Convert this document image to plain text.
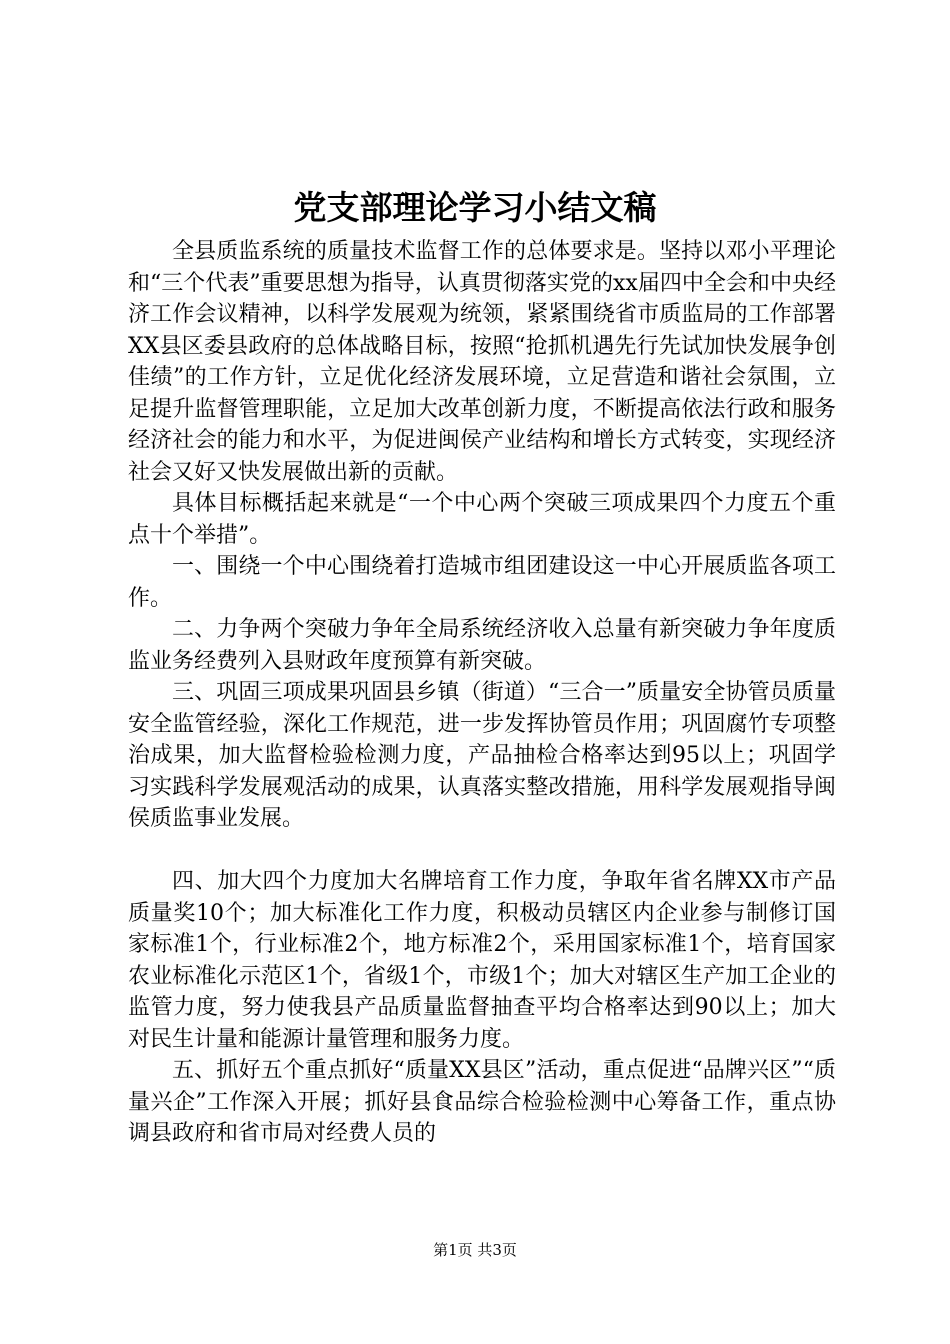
党支部理论学习小结文稿

全县质监系统的质量技术监督工作的总体要求是。坚持以邓小平理论和“三个代表”重要思想为指导，认真贯彻落实党的xx届四中全会和中央经济工作会议精神，以科学发展观为统领，紧紧围绕省市质监局的工作部署XX县区委县政府的总体战略目标，按照“抢抓机遇先行先试加快发展争创佳绩”的工作方针，立足优化经济发展环境，立足营造和谐社会氛围，立足提升监督管理职能，立足加大改革创新力度，不断提高依法行政和服务经济社会的能力和水平，为促进闽侯产业结构和增长方式转变，实现经济社会又好又快发展做出新的贡献。

具体目标概括起来就是“一个中心两个突破三项成果四个力度五个重点十个举措”。

一、围绕一个中心围绕着打造城市组团建设这一中心开展质监各项工作。

二、力争两个突破力争年全局系统经济收入总量有新突破力争年度质监业务经费列入县财政年度预算有新突破。

三、巩固三项成果巩固县乡镇（街道）“三合一”质量安全协管员质量安全监管经验，深化工作规范，进一步发挥协管员作用；巩固腐竹专项整治成果，加大监督检验检测力度，产品抽检合格率达到95以上；巩固学习实践科学发展观活动的成果，认真落实整改措施，用科学发展观指导闽侯质监事业发展。

四、加大四个力度加大名牌培育工作力度，争取年省名牌XX市产品质量奖10个；加大标准化工作力度，积极动员辖区内企业参与制修订国家标准1个，行业标准2个，地方标准2个，采用国家标准1个，培育国家农业标准化示范区1个，省级1个，市级1个；加大对辖区生产加工企业的监管力度，努力使我县产品质量监督抽查平均合格率达到90以上；加大对民生计量和能源计量管理和服务力度。

五、抓好五个重点抓好“质量XX县区”活动，重点促进“品牌兴区”“质量兴企”工作深入开展；抓好县食品综合检验检测中心筹备工作，重点协调县政府和省市局对经费人员的

第1页 共3页
